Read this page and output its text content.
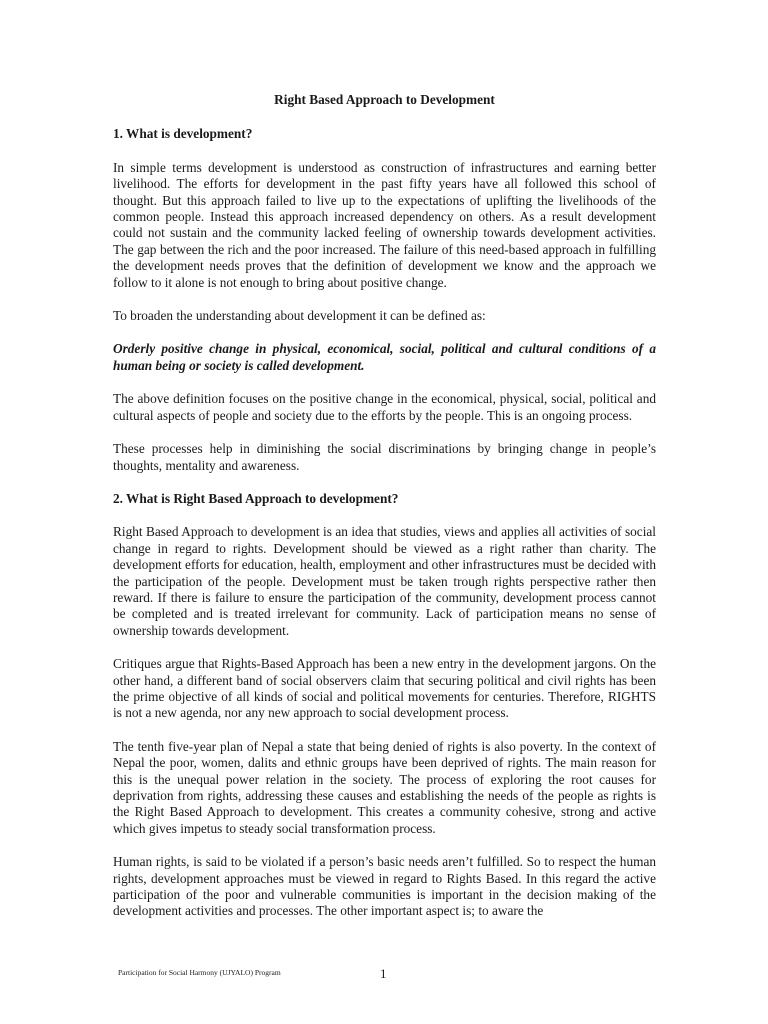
Right Based Approach to Development
1. What is development?

In simple terms development is understood as construction of infrastructures and earning better livelihood. The efforts for development in the past fifty years have all followed this school of thought. But this approach failed to live up to the expectations of uplifting the livelihoods of the common people. Instead this approach increased dependency on others. As a result development could not sustain and the community lacked feeling of ownership towards development activities. The gap between the rich and the poor increased. The failure of this need-based approach in fulfilling the development needs proves that the definition of development we know and the approach we follow to it alone is not enough to bring about positive change.

To broaden the understanding about development it can be defined as:

Orderly positive change in physical, economical, social, political and cultural conditions of a human being or society is called development.

The above definition focuses on the positive change in the economical, physical, social, political and cultural aspects of people and society due to the efforts by the people. This is an ongoing process.

These processes help in diminishing the social discriminations by bringing change in people’s thoughts, mentality and awareness.

2. What is Right Based Approach to development?

Right Based Approach to development is an idea that studies, views and applies all activities of social change in regard to rights. Development should be viewed as a right rather than charity. The development efforts for education, health, employment and other infrastructures must be decided with the participation of the people. Development must be taken trough rights perspective rather then reward. If there is failure to ensure the participation of the community, development process cannot be completed and is treated irrelevant for community. Lack of participation means no sense of ownership towards development.

Critiques argue that Rights-Based Approach has been a new entry in the development jargons. On the other hand, a different band of social observers claim that securing political and civil rights has been the prime objective of all kinds of social and political movements for centuries. Therefore, RIGHTS is not a new agenda, nor any new approach to social development process.

The tenth five-year plan of Nepal a state that being denied of rights is also poverty. In the context of Nepal the poor, women, dalits and ethnic groups have been deprived of rights. The main reason for this is the unequal power relation in the society. The process of exploring the root causes for deprivation from rights, addressing these causes and establishing the needs of the people as rights is the Right Based Approach to development. This creates a community cohesive, strong and active which gives impetus to steady social transformation process.

Human rights, is said to be violated if a person’s basic needs aren’t fulfilled. So to respect the human rights, development approaches must be viewed in regard to Rights Based. In this regard the active participation of the poor and vulnerable communities is important in the decision making of the development activities and processes. The other important aspect is; to aware the

Participation for Social Harmony (UJYALO) Program	1
